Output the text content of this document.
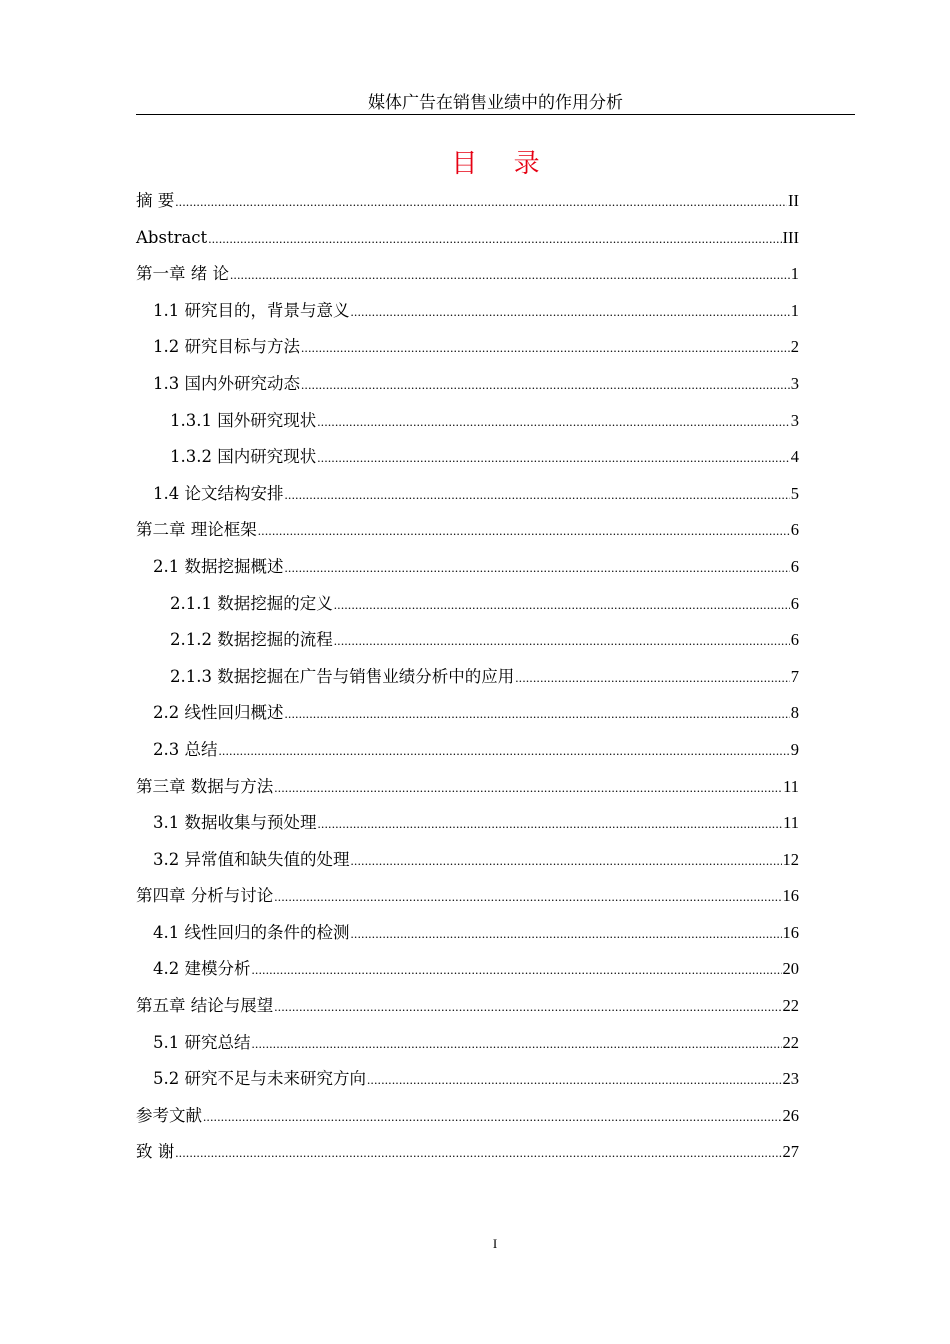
媒体广告在销售业绩中的作用分析
目 录
摘 要 .....	II
Abstract .....	III
第一章 绪 论 .....	1
1.1 研究目的，背景与意义 .....	1
1.2 研究目标与方法 .....	2
1.3 国内外研究动态 .....	3
1.3.1 国外研究现状 .....	3
1.3.2 国内研究现状 .....	4
1.4 论文结构安排 .....	5
第二章 理论框架 .....	6
2.1 数据挖掘概述 .....	6
2.1.1 数据挖掘的定义 .....	6
2.1.2 数据挖掘的流程 .....	6
2.1.3 数据挖掘在广告与销售业绩分析中的应用 .....	7
2.2 线性回归概述 .....	8
2.3 总结 .....	9
第三章 数据与方法 .....	11
3.1 数据收集与预处理 .....	11
3.2 异常值和缺失值的处理 .....	12
第四章 分析与讨论 .....	16
4.1 线性回归的条件的检测 .....	16
4.2 建模分析 .....	20
第五章 结论与展望 .....	22
5.1 研究总结 .....	22
5.2 研究不足与未来研究方向 .....	23
参考文献 .....	26
致 谢 .....	27
I
